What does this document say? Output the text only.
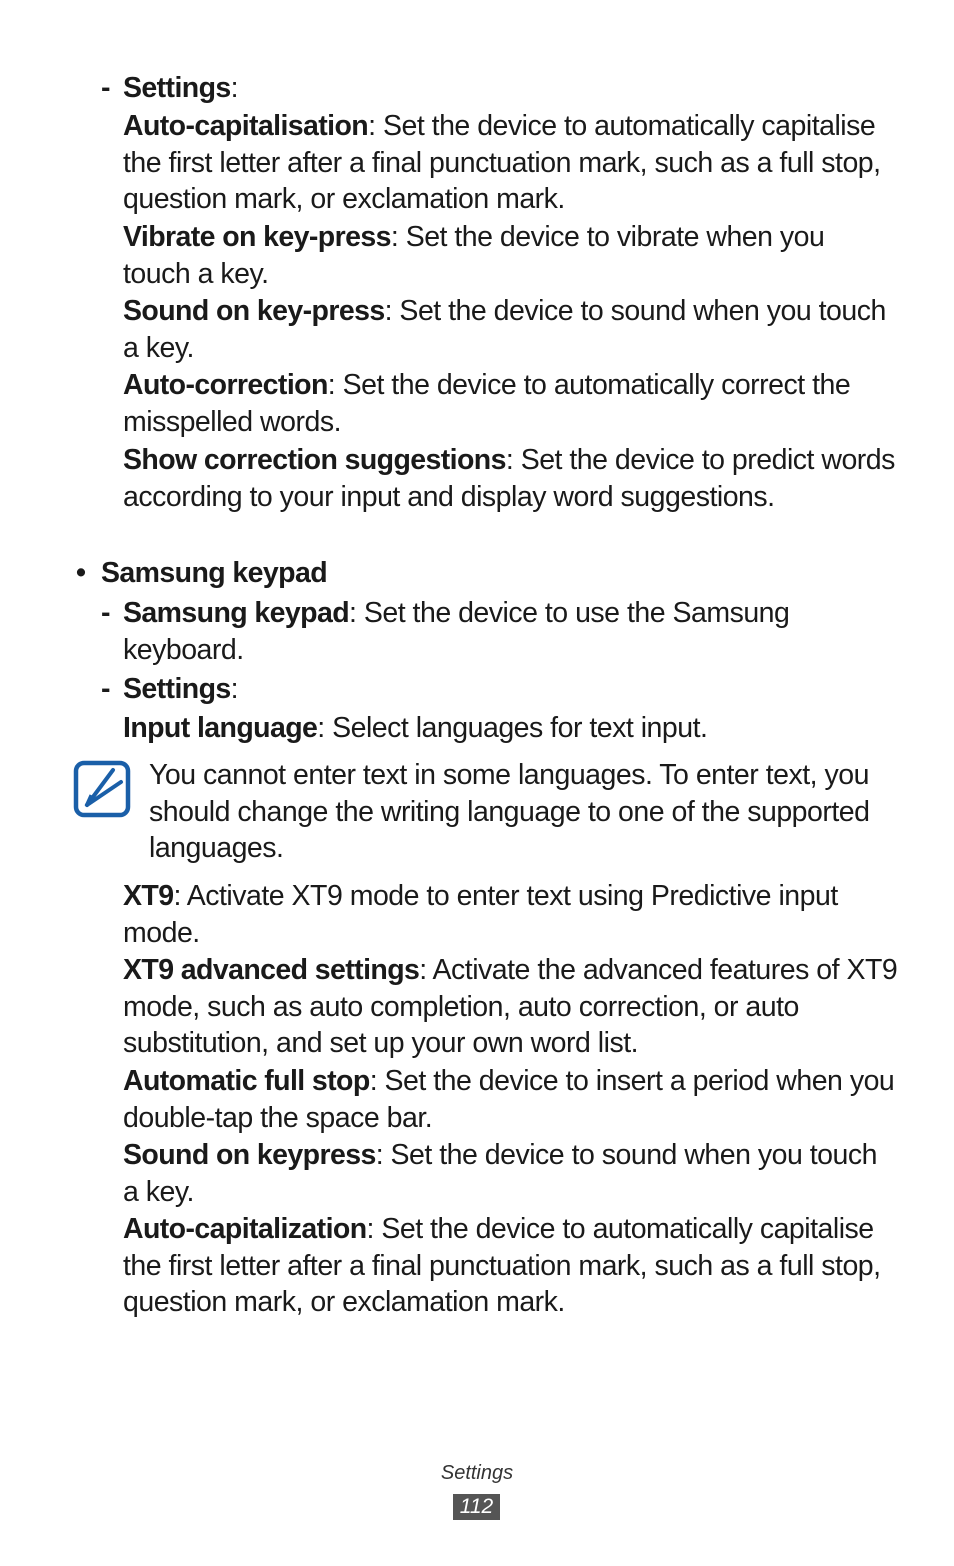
- Settings:
Auto-capitalisation: Set the device to automatically capitalise the first letter after a final punctuation mark, such as a full stop, question mark, or exclamation mark.
Vibrate on key-press: Set the device to vibrate when you touch a key.
Sound on key-press: Set the device to sound when you touch a key.
Auto-correction: Set the device to automatically correct the misspelled words.
Show correction suggestions: Set the device to predict words according to your input and display word suggestions.
• Samsung keypad
- Samsung keypad: Set the device to use the Samsung keyboard.
- Settings:
Input language: Select languages for text input.
You cannot enter text in some languages. To enter text, you should change the writing language to one of the supported languages.
XT9: Activate XT9 mode to enter text using Predictive input mode.
XT9 advanced settings: Activate the advanced features of XT9 mode, such as auto completion, auto correction, or auto substitution, and set up your own word list.
Automatic full stop: Set the device to insert a period when you double-tap the space bar.
Sound on keypress: Set the device to sound when you touch a key.
Auto-capitalization: Set the device to automatically capitalise the first letter after a final punctuation mark, such as a full stop, question mark, or exclamation mark.
Settings
112
